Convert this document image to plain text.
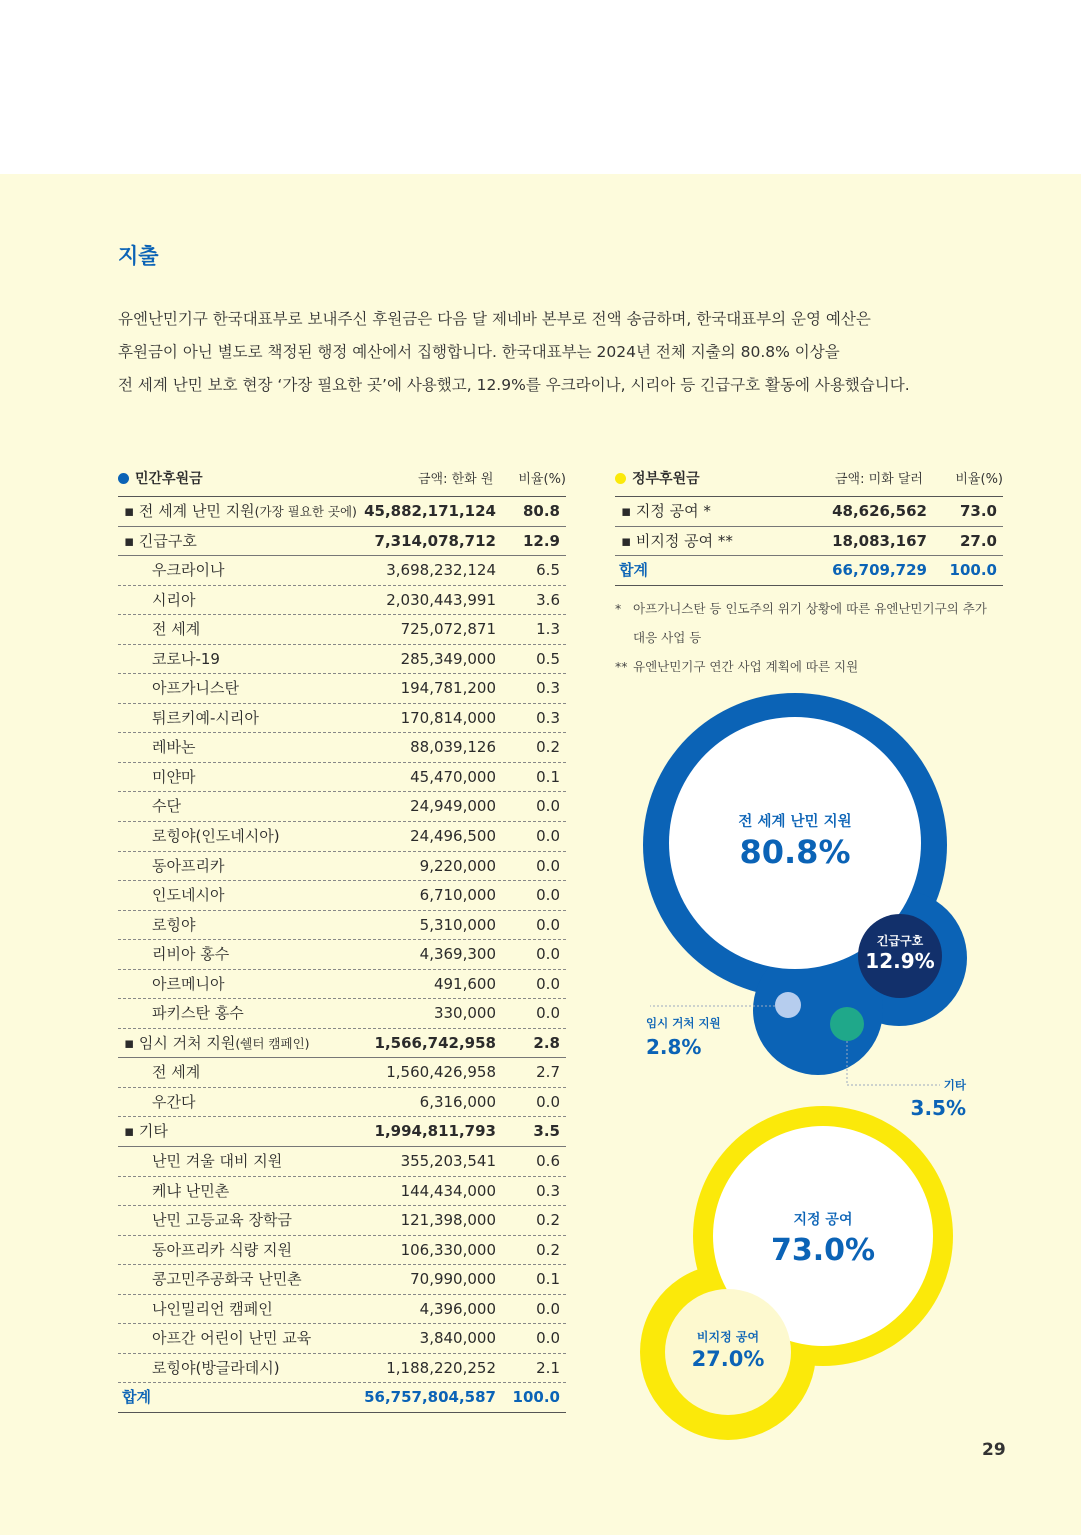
지출

유엔난민기구 한국대표부로 보내주신 후원금은 다음 달 제네바 본부로 전액 송금하며, 한국대표부의 운영 예산은

후원금이 아닌 별도로 책정된 행정 예산에서 집행합니다. 한국대표부는 2024년 전체 지출의 80.8% 이상을

전 세계 난민 보호 현장 ‘가장 필요한 곳’에 사용했고, 12.9%를 우크라이나, 시리아 등 긴급구호 활동에 사용했습니다.

민간후원금	금액: 한화 원 비율(%)
▪ 전 세계 난민 지원(가장 필요한 곳에) 45,882,171,124 80.8
▪ 긴급구호	7,314,078,712 12.9
우크라이나	3,698,232,124	6.5
시리아	2,030,443,991	3.6
전 세계	725,072,871	1.3
코로나-19	285,349,000	0.5
아프가니스탄	194,781,200	0.3
튀르키예-시리아	170,814,000	0.3
레바논	88,039,126	0.2
미얀마	45,470,000	0.1
수단	24,949,000	0.0
로힝야(인도네시아)	24,496,500	0.0
동아프리카	9,220,000	0.0
인도네시아	6,710,000	0.0
로힝야	5,310,000	0.0
리비아 홍수	4,369,300	0.0
아르메니아	491,600	0.0
파키스탄 홍수	330,000	0.0
▪ 임시 거처 지원(쉘터 캠페인)	1,566,742,958 2.8
전 세계	1,560,426,958	2.7
우간다	6,316,000	0.0
▪ 기타	1,994,811,793 3.5
난민 겨울 대비 지원	355,203,541	0.6
케냐 난민촌	144,434,000	0.3
난민 고등교육 장학금	121,398,000	0.2
동아프리카 식량 지원	106,330,000	0.2
콩고민주공화국 난민촌	70,990,000	0.1
나인밀리언 캠페인	4,396,000	0.0
아프간 어린이 난민 교육	3,840,000	0.0
로힝야(방글라데시)	1,188,220,252	2.1
합계	56,757,804,587 100.0
정부후원금	금액: 미화 달러 비율(%)
▪ 지정 공여 *	48,626,562 73.0
▪ 비지정 공여 **	18,083,167 27.0
합계	66,709,729 100.0
* 아프가니스탄 등 인도주의 위기 상황에 따른 유엔난민기구의 추가
대응 사업 등
** 유엔난민기구 연간 사업 계획에 따른 지원
전 세계 난민 지원
80.8%
긴급구호
12.9%
임시 거처 지원
2.8%
기타
3.5%
지정 공여
73.0%
비지정 공여
27.0%
29
